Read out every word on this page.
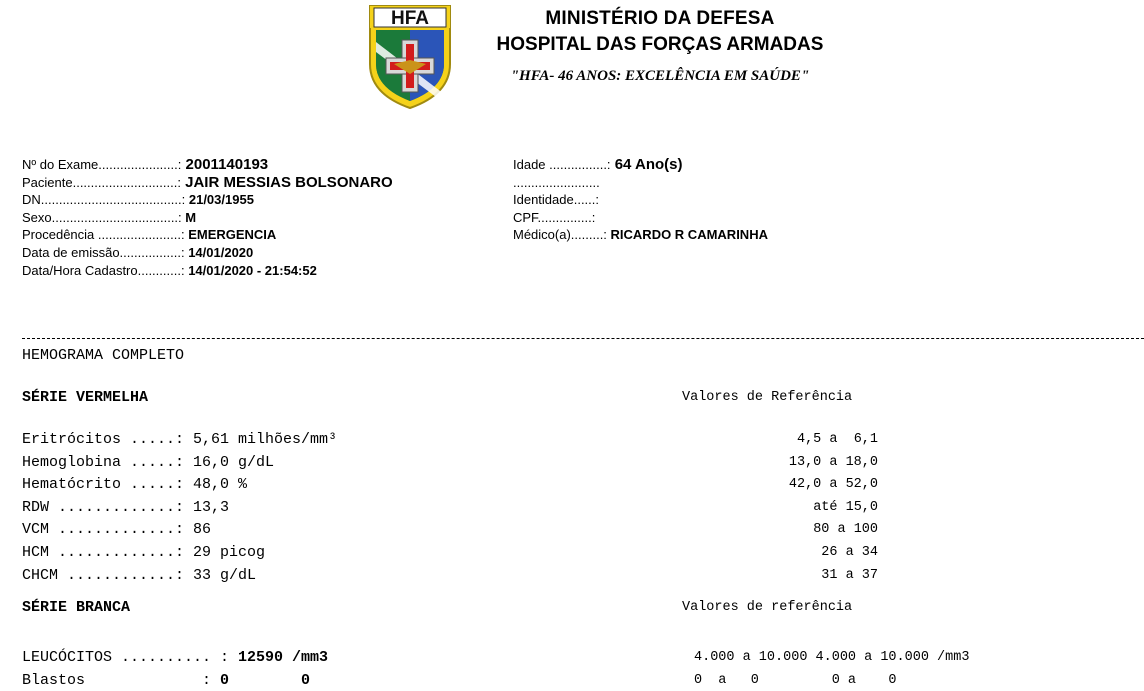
HFA	MINISTÉRIO DA DEFESA
HOSPITAL DAS FORÇAS ARMADAS
"HFA- 46 ANOS: EXCELÊNCIA EM SAÚDE"
Nº do Exame......................: 2001140193
Paciente.............................: JAIR MESSIAS BOLSONARO
DN.......................................: 21/03/1955
Sexo...................................: M
Procedência .......................: EMERGENCIA
Data de emissão.................: 14/01/2020
Data/Hora Cadastro............: 14/01/2020 - 21:54:52
Idade ................: 64 Ano(s)
........................
Identidade......:
CPF...............:
Médico(a).........: RICARDO R CAMARINHA
HEMOGRAMA COMPLETO
SÉRIE VERMELHA	Valores de Referência
Eritrócitos .....: 5,61 milhões/mm³	4,5 a  6,1
Hemoglobina .....: 16,0 g/dL	13,0 a 18,0
Hematócrito .....: 48,0 %	42,0 a 52,0
RDW .............: 13,3	até 15,0
VCM .............: 86	80 a 100
HCM .............: 29 picog	26 a 34
CHCM ............: 33 g/dL	31 a 37
SÉRIE BRANCA	Valores de referência
LEUCÓCITOS .......... : 12590 /mm3	4.000 a 10.000 4.000 a 10.000 /mm3
Blastos             : 0        0	0  a   0         0 a    0
